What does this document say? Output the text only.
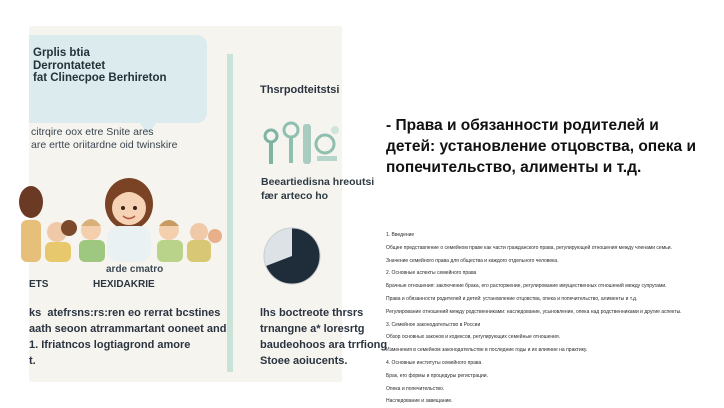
Grplis btia
Derrontatetet
fat Clinecpoe Berhireton
Thsrpodteitstsi
citrqire oox etre Snite ares
are ertte oriitardne oid twinskire
Beeartiedisna hreoutsi
fær arteco ho
arde cmatro
ETS	HEXIDAKRIE
ks  atefrsns:rs:ren eo rerrat bcstines
aath seoon atrrammartant ooneet and
1. Ifriatncos logtiagrond amore
t.
lhs boctreote thrsrs
trnangne a* loresrtg
baudeohoos ara trrfiong
Stoee aoiucents.
- Права и обязанности родителей и детей: установление отцовства, опека и попечительство, алименты и т.д.
1. Введение
Общее представление о семейном праве как части гражданского права, регулирующей отношения между членами семьи.
Значение семейного права для общества и каждого отдельного человека.
2. Основные аспекты семейного права
Брачные отношения: заключение брака, его расторжение, регулирование имущественных отношений между супругами.
Права и обязанности родителей и детей: установление отцовства, опека и попечительство, алименты и т.д.
Регулирование отношений между родственниками: наследование, усыновление, опека над родственниками и другие аспекты.
3. Семейное законодательство в России
Обзор основных законов и кодексов, регулирующих семейные отношения.
Изменения в семейном законодательстве в последние годы и их влияние на практику.
4. Основные институты семейного права
Брак, его формы и процедуры регистрации.
Опека и попечительство.
Наследование и завещание.
